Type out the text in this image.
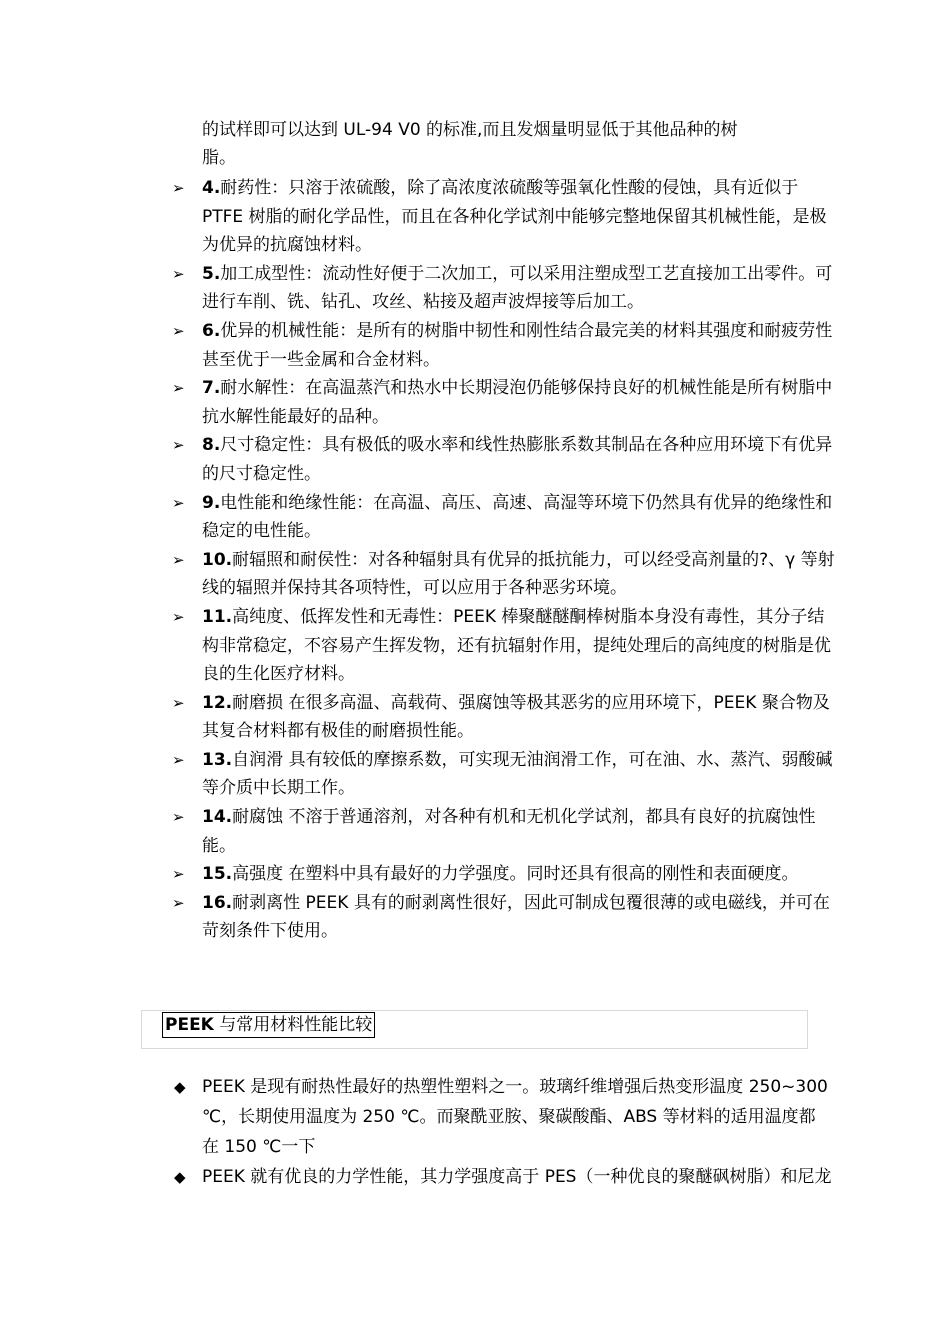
的试样即可以达到 UL-94 V0 的标准,而且发烟量明显低于其他品种的树
脂。
➢	4.耐药性：只溶于浓硫酸，除了高浓度浓硫酸等强氧化性酸的侵蚀，具有近似于 PTFE 树脂的耐化学品性，而且在各种化学试剂中能够完整地保留其机械性能，是极为优异的抗腐蚀材料。
➢	5.加工成型性：流动性好便于二次加工，可以采用注塑成型工艺直接加工出零件。可进行车削、铣、钻孔、攻丝、粘接及超声波焊接等后加工。
➢	6.优异的机械性能：是所有的树脂中韧性和刚性结合最完美的材料其强度和耐疲劳性甚至优于一些金属和合金材料。
➢	7.耐水解性：在高温蒸汽和热水中长期浸泡仍能够保持良好的机械性能是所有树脂中抗水解性能最好的品种。
➢	8.尺寸稳定性：具有极低的吸水率和线性热膨胀系数其制品在各种应用环境下有优异的尺寸稳定性。
➢	9.电性能和绝缘性能：在高温、高压、高速、高湿等环境下仍然具有优异的绝缘性和稳定的电性能。
➢	10.耐辐照和耐侯性：对各种辐射具有优异的抵抗能力，可以经受高剂量的?、γ 等射线的辐照并保持其各项特性，可以应用于各种恶劣环境。
➢	11.高纯度、低挥发性和无毒性：PEEK 棒聚醚醚酮棒树脂本身没有毒性，其分子结构非常稳定，不容易产生挥发物，还有抗辐射作用，提纯处理后的高纯度的树脂是优良的生化医疗材料。
➢	12.耐磨损 在很多高温、高载荷、强腐蚀等极其恶劣的应用环境下，PEEK 聚合物及其复合材料都有极佳的耐磨损性能。
➢	13.自润滑 具有较低的摩擦系数，可实现无油润滑工作，可在油、水、蒸汽、弱酸碱等介质中长期工作。
➢	14.耐腐蚀 不溶于普通溶剂，对各种有机和无机化学试剂，都具有良好的抗腐蚀性能。
➢	15.高强度 在塑料中具有最好的力学强度。同时还具有很高的刚性和表面硬度。
➢	16.耐剥离性 PEEK 具有的耐剥离性很好，因此可制成包覆很薄的或电磁线，并可在苛刻条件下使用。
PEEK 与常用材料性能比较
◆ PEEK 是现有耐热性最好的热塑性塑料之一。玻璃纤维增强后热变形温度 250~300 ℃，长期使用温度为 250 ℃。而聚酰亚胺、聚碳酸酯、ABS 等材料的适用温度都在 150 ℃一下
◆ PEEK 就有优良的力学性能，其力学强度高于 PES（一种优良的聚醚砜树脂）和尼龙
